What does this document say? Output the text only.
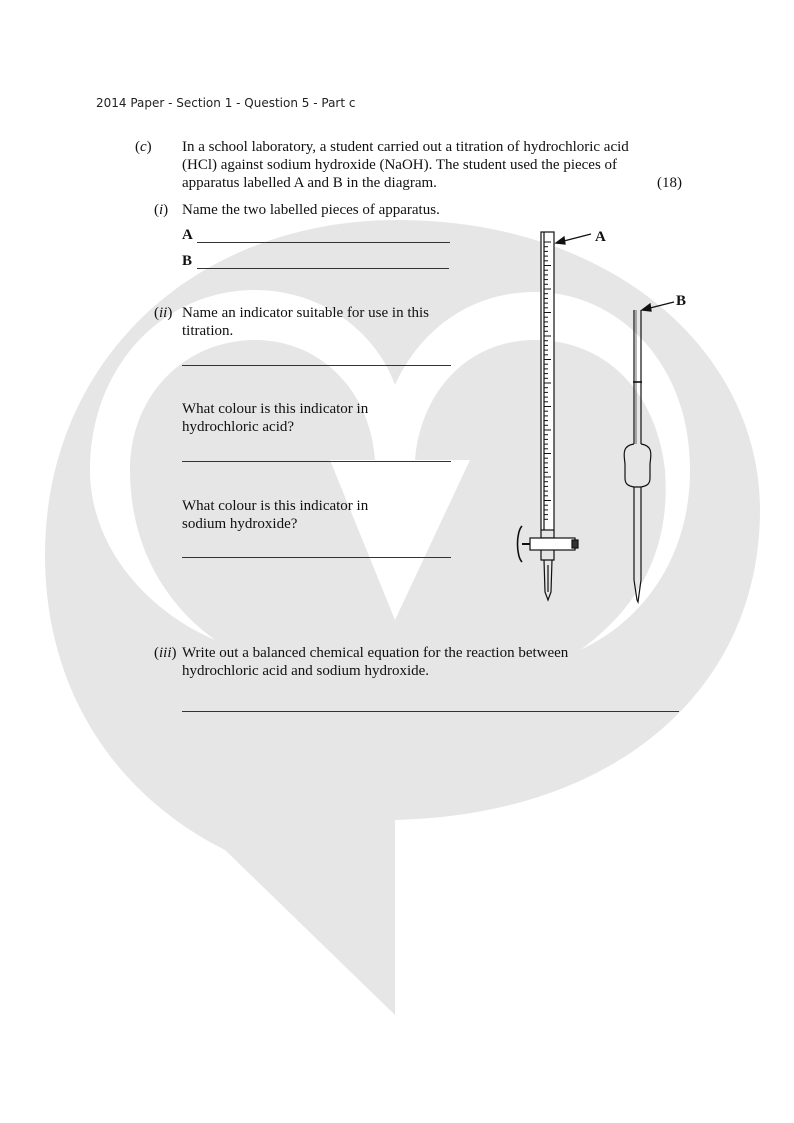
2014 Paper - Section 1 - Question 5 - Part c
(c) In a school laboratory, a student carried out a titration of hydrochloric acid
(HCl) against sodium hydroxide (NaOH). The student used the pieces of
apparatus labelled A and B in the diagram.	(18)
(i) Name the two labelled pieces of apparatus.
A
B
(ii) Name an indicator suitable for use in this
titration.
What colour is this indicator in
hydrochloric acid?
What colour is this indicator in
sodium hydroxide?
(iii) Write out a balanced chemical equation for the reaction between
hydrochloric acid and sodium hydroxide.
A
B
